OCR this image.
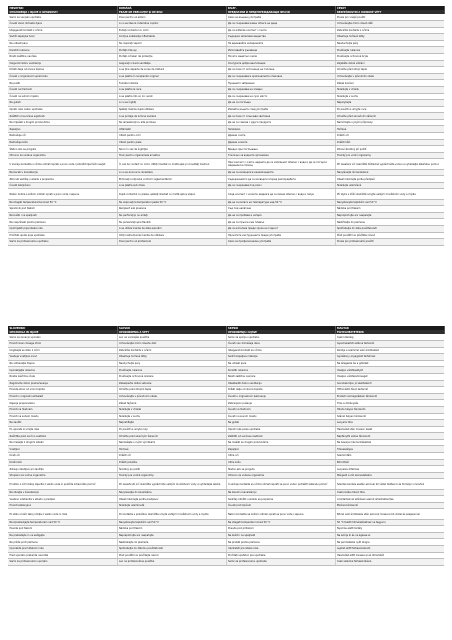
HRVATSKI	ROMÂNĂ	БЪЛГ.	ČESKY
UPOZORENJA I IZJAVE O OPASNOSTI	FRAZE DE PRECAUŢIE ŞI DE RISC	ПРЕДПАЗНИ И ПРЕДУПРЕЖДАВАЩИ ФРАЗИ	BEZPEČNOSTNÍ A RIZIKOVÉ VĚTY
Samo za vanjsku upotrebu	Doar pentru uz extern	Само за външна употреба	Pouze pro vnější použití
Čuvati izvan dohvata djece	A nu se lăsa la îndemâna copiilor	Да се съхранява извън обсега на деца	Uchovávejte mimo dosah dětí
Izbjegavati kontakt s očima	Evitaţi contactul cu ochii	Да се избягва контакт с очите	Zabraňte kontaktu s očima
Sadrži zapaljive tvari	Conţine substanţe inflamabile	Съдържа запалими вещества	Obsahuje hořlavé látky
Ne udisati pare	Nu inspiraţi vaporii	Не вдишвайте изпаренията	Nevdechujte páry
Koristiti rukavice	Purtaţi mănuşi	Използвайте ръкавици	Používejte rukavice
Nositi zaštitne naočale	Purtaţi ochelari de protecţie	Носете защитни очила	Používejte ochranné brýle
Osigurati dobru ventilaciju	Asiguraţi o bună ventilaţie	Осигурете добра вентилация	Zajistěte dobré větrání
Držati dalje od izvora topline	A se ţine departe de surse de căldură	Да се пази от източници на топлина	Chraňte před zdroji tepla
Čuvati u originalnom spremniku	A se păstra în recipientul original	Да се съхранява в оригиналната опаковка	Uchovávejte v původním obalu
Ne pušiti	Fumatul interzis	Пушенето забранено	Zákaz kouření
Čuvati na hladnom	A se păstra la rece	Да се съхранява на хладно	Skladujte v chladu
Čuvati na suhom mjestu	A se păstra într-un loc uscat	Да се съхранява на сухо място	Skladujte v suchu
Ne gutati	A nu se înghiţi	Да не се поглъща	Nepolykejte
Oprati ruke nakon upotrebe	Spălaţi mâinile după utilizare	Измийте ръцете след употреба	Po použití si umyjte ruce
Zaštititi od sunčeve svjetlosti	A se proteja de lumina soarelui	Да се пази от слънчева светлина	Chraňte před slunečním zářením
Ne miješati s drugim proizvodima	Nu amestecaţi cu alte produse	Да не се смесва с други продукти	Nemíchejte s jinými přípravky
Zapaljivo	Inflamabil	Запалимо	Hořlavé
Nadražuje oči	Iritant pentru ochi	Дразни очите	Dráždí oči
Nadražuje kožu	Iritant pentru piele	Дразни кожата	Dráždí kůži
Štetno ako se proguta	Nociv în caz de înghiţire	Вредно при поглъщане	Zdraví škodlivý při požití
Otrovno za vodene organizme	Toxic pentru organismele acvatice	Токсично за водните организми	Toxický pro vodní organismy
U slučaju kontakta s očima odmah isprati s puno vode i potražiti liječnički savjet	În caz de contact cu ochii, clătiţi imediat cu multă apă şi consultaţi medicul	При контакт с очите, веднага да се изплакнат обилно с вода и да се потърси медицинска помощ	Při zasažení očí okamžitě důkladně vypláchněte vodou a vyhledejte lékařskou pomoc
Ne bacati u kanalizaciju	A nu se arunca la canalizare	Да не се изхвърля в канализацията	Nevylévejte do kanalizace
Zbrinuti sadržaj u skladu s propisima	Eliminaţi conţinutul conform reglementărilor	Съдържанието да се изхвърли според разпоредбите	Obsah likvidujte podle předpisů
Čuvati zaključano	A se păstra sub cheie	Да се съхранява под ключ	Skladujte uzamčené
Nakon dodira s kožom odmah oprati s puno vode i sapuna	După contactul cu pielea, spălaţi imediat cu multă apă şi săpun	След контакт с кожата, веднага да се измие обилно с вода и сапун	Při styku s kůží okamžitě omyjte velkým množstvím vody a mýdla
Ne izlagati temperaturama iznad 50 °C	Nu expuneţi la temperaturi peste 50 °C	Да не се излага на температура над 50 °C	Nevystavujte teplotám nad 50 °C
Spremnik pod tlakom	Recipient sub presiune	Съд под налягане	Nádoba pod tlakem
Ne bušiti i ne spaljivati	Nu perforaţi şi nu ardeţi	Да не се пробива и изгаря	Nepropichujte ani nespalujte
Ne raspršivati prema plamenu	Nu pulverizaţi spre flacără	Да не се пръска към пламък	Nestříkejte do plamene
Upotrijebiti prije isteka roka	A se utiliza înainte de data expirării	Да се използва преди срока на годност	Spotřebujte do data použitelnosti
Pročitati upute prije upotrebe	Citiţi instrucţiunile înainte de utilizare	Прочетете инструкциите преди употреба	Před použitím si přečtěte návod
Samo za profesionalnu upotrebu	Doar pentru uz profesional	Само за професионална употреба	Pouze pro profesionální použití
SLOVENSKI	SLOVAK	SRPSKI	MAGYAR
OPOZORILA IN IZJAVE	UPOZORNENIA A VETY	UPOZORENJA I IZJAVE	FIGYELMEZTETÉSEK
Samo za zunanjo uporabo	Len na vonkajšie použitie	Samo za spoljnu upotrebu	Csak külsőleg
Hraniti izven dosega otrok	Uchovávajte mimo dosahu detí	Čuvati van domašaja dece	Gyermekektől elzárva tartandó
Izogibajte se stiku z očmi	Zabráňte kontaktu s očami	Izbegavati kontakt sa očima	Kerülje a szemmel való érintkezést
Vsebuje vnetljive snovi	Obsahuje horľavé látky	Sadrži zapaljive materije	Gyúlékony anyagokat tartalmaz
Ne vdihavajte hlapov	Nevdychujte pary	Ne udisati pare	Ne lélegezze be a gőzöket
Uporabljajte rokavice	Používajte rukavice	Koristiti rukavice	Viseljen védőkesztyűt
Nosite zaščitna očala	Používajte ochranné okuliare	Nositi zaštitne naočare	Viseljen védőszemüveget
Zagotovite dobro prezračevanje	Zabezpečte dobré vetranie	Obezbediti dobru ventilaciju	Gondoskodjon jó szellőzésről
Hranite stran od virov toplote	Chráňte pred zdrojmi tepla	Držati dalje od izvora toplote	Hőforrástól távol tartandó
Hraniti v originalni embalaži	Uchovávajte v pôvodnom obale	Čuvati u originalnom pakovanju	Eredeti csomagolásban tárolandó
Kajenje prepovedano	Zákaz fajčenia	Zabranjeno pušenje	Tilos a dohányzás
Hraniti na hladnem	Skladujte v chlade	Čuvati na hladnom	Hűvös helyen tárolandó
Hraniti na suhem mestu	Skladujte v suchu	Čuvati na suvom mestu	Száraz helyen tárolandó
Ne zaužiti	Neprehĺtajte	Ne gutati	Lenyelni tilos
Po uporabi si umijte roke	Po použití si umyte ruky	Oprati ruke posle upotrebe	Használat után mosson kezet
Zaščitite pred sončno svetlobo	Chráňte pred slnečným žiarením	Zaštititi od sunčeve svetlosti	Napfénytől védve tárolandó
Ne mešajte z drugimi izdelki	Nemiešajte s inými výrobkami	Ne mešati sa drugim proizvodima	Ne keverje más termékekkel
Vnetljivo	Horľavé	Zapaljivo	Tűzveszélyes
Draži oči	Dráždi oči	Iritira oči	Szemirritáló
Draži kožo	Dráždi pokožku	Iritira kožu	Bőrirritáló
Zdravju škodljivo pri zaužitju	Škodlivý po požití	Štetno ako se proguta	Lenyelve ártalmas
Strupeno za vodne organizme	Toxický pre vodné organizmy	Otrovno za vodene organizme	Mérgező a vízi szervezetekre
Pri stiku z očmi takoj izperite z veliko vode in poiščite zdravniško pomoč	Pri zasiahnutí očí okamžite vypláchnite veľkým množstvom vody a vyhľadajte lekára	U slučaju kontakta sa očima odmah isprati sa puno vode i potražiti lekarsku pomoć	Szembe kerülés esetén azonnal bő vízzel öblítse ki és forduljon orvoshoz
Ne zlivajte v kanalizacijo	Nevylievajte do kanalizácie	Ne bacati u kanalizaciju	Csatornába önteni tilos
Vsebino odstranite v skladu s predpisi	Obsah likvidujte podľa predpisov	Sadržaj odložiti u skladu sa propisima	A tartalmat az előírások szerint ártalmatlanítsa
Hraniti zaklenjeno	Skladujte uzamknuté	Čuvati pod ključem	Elzárva tárolandó
Po stiku s kožo takoj umijte z veliko vode in mila	Po kontakte s pokožkou okamžite umyte veľkým množstvom vody a mydla	Nakon kontakta sa kožom odmah oprati sa puno vode i sapuna	Bőrrel való érintkezés után azonnal mossa le bő vízzel és szappannal
Ne izpostavljajte temperaturam nad 50 °C	Nevystavujte teplotám nad 50 °C	Ne izlagati temperaturi iznad 50 °C	50 °C feletti hőmérsékletnek ne tegye ki
Posoda pod tlakom	Nádoba pod tlakom	Posuda pod pritiskom	Nyomás alatti tartály
Ne prebadajte in ne sežigajte	Neprepichujte ani nespaľujte	Ne bušiti i ne spaljivati	Ne szúrja ki és ne égesse el
Ne pršite proti plamenu	Nestriekajte do plameňa	Ne prskati prema plamenu	Ne permetezze nyílt lángra
Uporabite pred iztekom roka	Spotrebujte do dátumu použiteľnosti	Upotrebiti pre isteka roka	Lejárat előtt felhasználandó
Pred uporabo preberite navodila	Pred použitím si prečítajte návod	Pročitati uputstvo pre upotrebe	Használat előtt olvassa el az útmutatót
Samo za profesionalno uporabo	Len na profesionálne použitie	Samo za profesionalnu upotrebu	Csak szakmai felhasználásra
